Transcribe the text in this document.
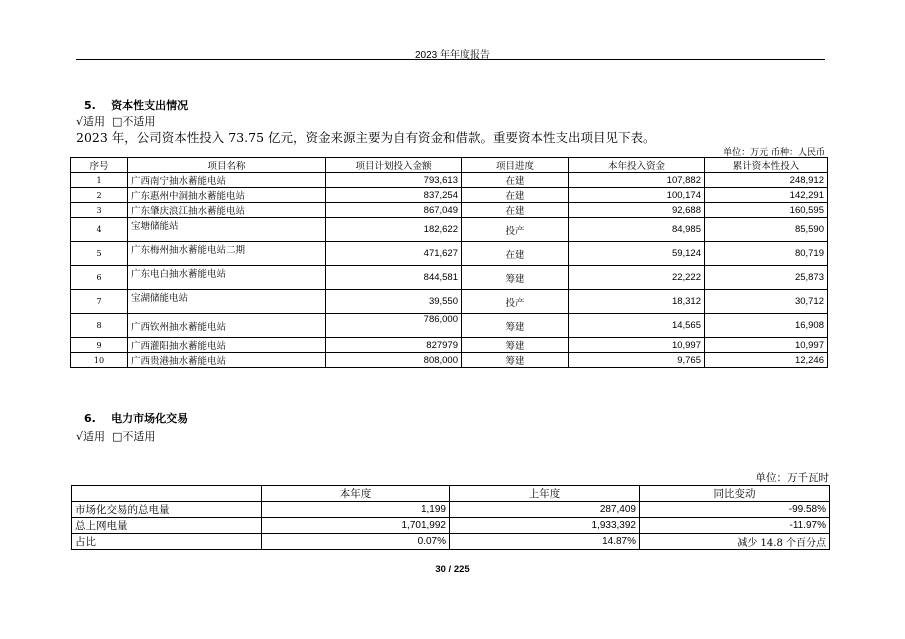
2023 年年度报告
5.    资本性支出情况
√适用  □不适用
2023 年，公司资本性投入 73.75 亿元，资金来源主要为自有资金和借款。重要资本性支出项目见下表。
单位：万元 币种：人民币
序号	项目名称	项目计划投入金额	项目进度	本年投入资金	累计资本性投入
1	广西南宁抽水蓄能电站	793,613	在建	107,882	248,912
2	广东惠州中洞抽水蓄能电站	837,254	在建	100,174	142,291
3	广东肇庆浪江抽水蓄能电站	867,049	在建	92,688	160,595
4	宝塘储能站	182,622	投产	84,985	85,590
5	广东梅州抽水蓄能电站二期	471,627	在建	59,124	80,719
6	广东电白抽水蓄能电站	844,581	筹建	22,222	25,873
7	宝湖储能电站	39,550	投产	18,312	30,712
8	广西钦州抽水蓄能电站	786,000	筹建	14,565	16,908
9	广西灌阳抽水蓄能电站	827979	筹建	10,997	10,997
10	广西贵港抽水蓄能电站	808,000	筹建	9,765	12,246
6.    电力市场化交易
√适用  □不适用
单位：万千瓦时
	本年度	上年度	同比变动
市场化交易的总电量	1,199	287,409	-99.58%
总上网电量	1,701,992	1,933,392	-11.97%
占比	0.07%	14.87%	减少 14.8 个百分点
30 / 225
